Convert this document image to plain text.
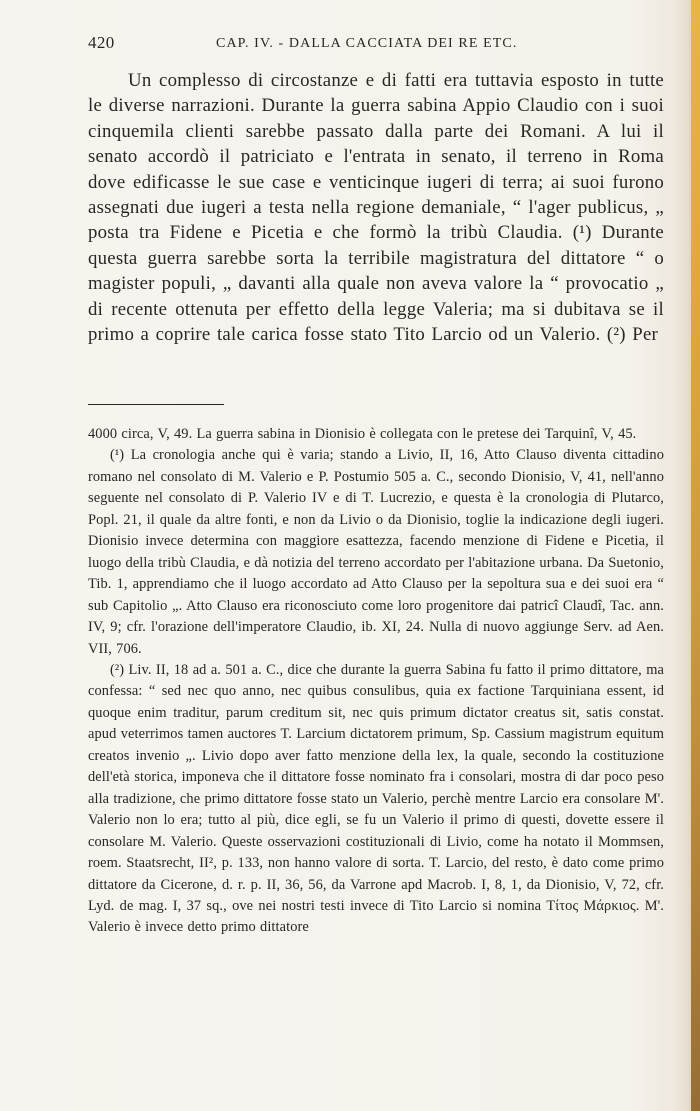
420	CAP. IV. - DALLA CACCIATA DEI RE ETC.

Un complesso di circostanze e di fatti era tuttavia esposto in tutte le diverse narrazioni. Durante la guerra sabina Appio Claudio con i suoi cinquemila clienti sarebbe passato dalla parte dei Romani. A lui il senato accordò il patriciato e l'entrata in senato, il terreno in Roma dove edificasse le sue case e venticinque iugeri di terra; ai suoi furono assegnati due iugeri a testa nella regione demaniale, “ l'ager publicus, „ posta tra Fidene e Picetia e che formò la tribù Claudia. (¹) Durante questa guerra sarebbe sorta la terribile magistratura del dittatore “ o magister populi, „ davanti alla quale non aveva valore la “ provocatio „ di recente ottenuta per effetto della legge Valeria; ma si dubitava se il primo a coprire tale carica fosse stato Tito Larcio od un Valerio. (²) Per

4000 circa, V, 49. La guerra sabina in Dionisio è collegata con le pretese dei Tarquinî, V, 45.

(¹) La cronologia anche qui è varia; stando a Livio, II, 16, Atto Clauso diventa cittadino romano nel consolato di M. Valerio e P. Postumio 505 a. C., secondo Dionisio, V, 41, nell'anno seguente nel consolato di P. Valerio IV e di T. Lucrezio, e questa è la cronologia di Plutarco, Popl. 21, il quale da altre fonti, e non da Livio o da Dionisio, toglie la indicazione degli iugeri. Dionisio invece determina con maggiore esattezza, facendo menzione di Fidene e Picetia, il luogo della tribù Claudia, e dà notizia del terreno accordato per l'abitazione urbana. Da Suetonio, Tib. 1, apprendiamo che il luogo accordato ad Atto Clauso per la sepoltura sua e dei suoi era “ sub Capitolio „. Atto Clauso era riconosciuto come loro progenitore dai patricî Claudî, Tac. ann. IV, 9; cfr. l'orazione dell'imperatore Claudio, ib. XI, 24. Nulla di nuovo aggiunge Serv. ad Aen. VII, 706.

(²) Liv. II, 18 ad a. 501 a. C., dice che durante la guerra Sabina fu fatto il primo dittatore, ma confessa: “ sed nec quo anno, nec quibus consulibus, quia ex factione Tarquiniana essent, id quoque enim traditur, parum creditum sit, nec quis primum dictator creatus sit, satis constat. apud veterrimos tamen auctores T. Larcium dictatorem primum, Sp. Cassium magistrum equitum creatos invenio „. Livio dopo aver fatto menzione della lex, la quale, secondo la costituzione dell'età storica, imponeva che il dittatore fosse nominato fra i consolari, mostra di dar poco peso alla tradizione, che primo dittatore fosse stato un Valerio, perchè mentre Larcio era consolare M'. Valerio non lo era; tutto al più, dice egli, se fu un Valerio il primo di questi, dovette essere il consolare M. Valerio. Queste osservazioni costituzionali di Livio, come ha notato il Mommsen, roem. Staatsrecht, II², p. 133, non hanno valore di sorta. T. Larcio, del resto, è dato come primo dittatore da Cicerone, d. r. p. II, 36, 56, da Varrone apd Macrob. I, 8, 1, da Dionisio, V, 72, cfr. Lyd. de mag. I, 37 sq., ove nei nostri testi invece di Tito Larcio si nomina Τίτος Μάρκιος. M'. Valerio è invece detto primo dittatore
